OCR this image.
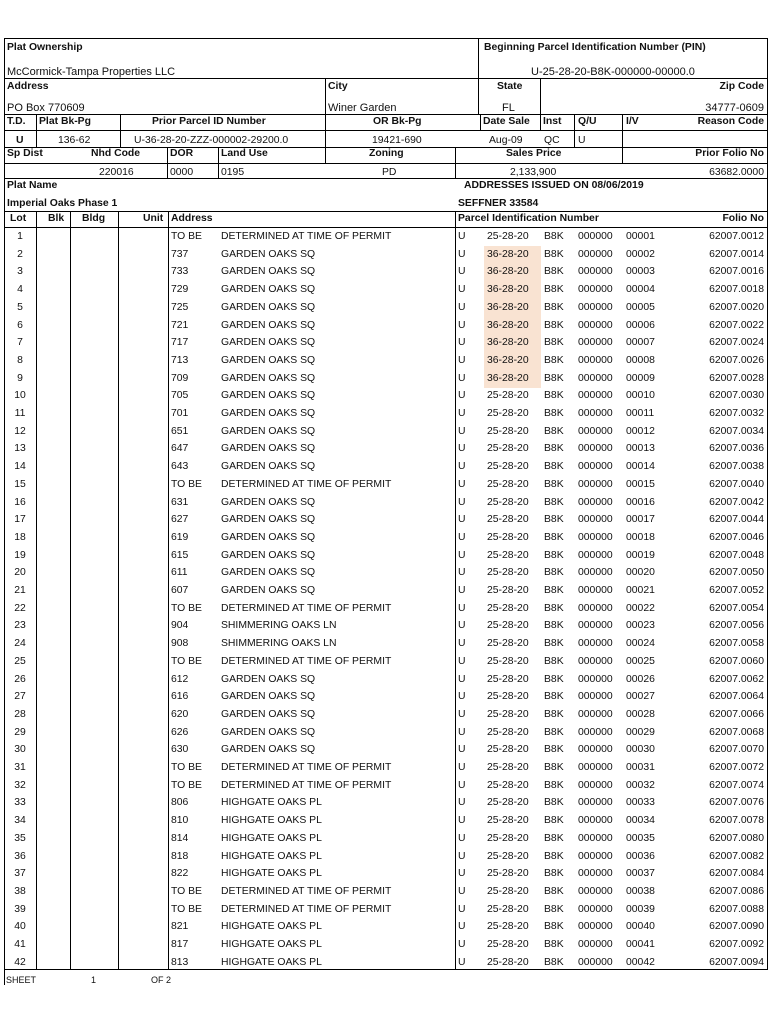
Plat Ownership
McCormick-Tampa Properties LLC
Beginning Parcel Identification Number (PIN)
U-25-28-20-B8K-000000-00000.0
Address
PO Box 770609
City
Winer Garden
State
FL
Zip Code
34777-0609
T.D.
U
Plat Bk-Pg
136-62
Prior Parcel ID Number
U-36-28-20-ZZZ-000002-29200.0
OR Bk-Pg
19421-690
Date Sale
Aug-09
Inst
QC
Q/U
U
I/V	Reason Code
Sp Dist	Nhd Code
220016
DOR
0000
Land Use
0195
Zoning
PD
Sales Price
2,133,900
Prior Folio No
63682.0000
Plat Name
Imperial Oaks Phase 1
ADDRESSES ISSUED ON 08/06/2019
SEFFNER 33584
Lot Blk Bldg	Unit Address	Parcel Identification Number	Folio No
1	TO BE DETERMINED AT TIME OF PERMIT	U 25-28-20 B8K 000000 00001	62007.0012
2	737	GARDEN OAKS SQ	U 36-28-20 B8K 000000 00002	62007.0014
3	733	GARDEN OAKS SQ	U 36-28-20 B8K 000000 00003	62007.0016
4	729	GARDEN OAKS SQ	U 36-28-20 B8K 000000 00004	62007.0018
5	725	GARDEN OAKS SQ	U 36-28-20 B8K 000000 00005	62007.0020
6	721	GARDEN OAKS SQ	U 36-28-20 B8K 000000 00006	62007.0022
7	717	GARDEN OAKS SQ	U 36-28-20 B8K 000000 00007	62007.0024
8	713	GARDEN OAKS SQ	U 36-28-20 B8K 000000 00008	62007.0026
9	709	GARDEN OAKS SQ	U 36-28-20 B8K 000000 00009	62007.0028
10	705	GARDEN OAKS SQ	U 25-28-20 B8K 000000 00010	62007.0030
11	701	GARDEN OAKS SQ	U 25-28-20 B8K 000000 00011	62007.0032
12	651	GARDEN OAKS SQ	U 25-28-20 B8K 000000 00012	62007.0034
13	647	GARDEN OAKS SQ	U 25-28-20 B8K 000000 00013	62007.0036
14	643	GARDEN OAKS SQ	U 25-28-20 B8K 000000 00014	62007.0038
15	TO BE DETERMINED AT TIME OF PERMIT	U 25-28-20 B8K 000000 00015	62007.0040
16	631	GARDEN OAKS SQ	U 25-28-20 B8K 000000 00016	62007.0042
17	627	GARDEN OAKS SQ	U 25-28-20 B8K 000000 00017	62007.0044
18	619	GARDEN OAKS SQ	U 25-28-20 B8K 000000 00018	62007.0046
19	615	GARDEN OAKS SQ	U 25-28-20 B8K 000000 00019	62007.0048
20	611	GARDEN OAKS SQ	U 25-28-20 B8K 000000 00020	62007.0050
21	607	GARDEN OAKS SQ	U 25-28-20 B8K 000000 00021	62007.0052
22	TO BE DETERMINED AT TIME OF PERMIT	U 25-28-20 B8K 000000 00022	62007.0054
23	904	SHIMMERING OAKS LN	U 25-28-20 B8K 000000 00023	62007.0056
24	908	SHIMMERING OAKS LN	U 25-28-20 B8K 000000 00024	62007.0058
25	TO BE DETERMINED AT TIME OF PERMIT	U 25-28-20 B8K 000000 00025	62007.0060
26	612	GARDEN OAKS SQ	U 25-28-20 B8K 000000 00026	62007.0062
27	616	GARDEN OAKS SQ	U 25-28-20 B8K 000000 00027	62007.0064
28	620	GARDEN OAKS SQ	U 25-28-20 B8K 000000 00028	62007.0066
29	626	GARDEN OAKS SQ	U 25-28-20 B8K 000000 00029	62007.0068
30	630	GARDEN OAKS SQ	U 25-28-20 B8K 000000 00030	62007.0070
31	TO BE DETERMINED AT TIME OF PERMIT	U 25-28-20 B8K 000000 00031	62007.0072
32	TO BE DETERMINED AT TIME OF PERMIT	U 25-28-20 B8K 000000 00032	62007.0074
33	806	HIGHGATE OAKS PL	U 25-28-20 B8K 000000 00033	62007.0076
34	810	HIGHGATE OAKS PL	U 25-28-20 B8K 000000 00034	62007.0078
35	814	HIGHGATE OAKS PL	U 25-28-20 B8K 000000 00035	62007.0080
36	818	HIGHGATE OAKS PL	U 25-28-20 B8K 000000 00036	62007.0082
37	822	HIGHGATE OAKS PL	U 25-28-20 B8K 000000 00037	62007.0084
38	TO BE DETERMINED AT TIME OF PERMIT	U 25-28-20 B8K 000000 00038	62007.0086
39	TO BE DETERMINED AT TIME OF PERMIT	U 25-28-20 B8K 000000 00039	62007.0088
40	821	HIGHGATE OAKS PL	U 25-28-20 B8K 000000 00040	62007.0090
41	817	HIGHGATE OAKS PL	U 25-28-20 B8K 000000 00041	62007.0092
42	813	HIGHGATE OAKS PL	U 25-28-20 B8K 000000 00042	62007.0094
SHEET	1	OF 2
